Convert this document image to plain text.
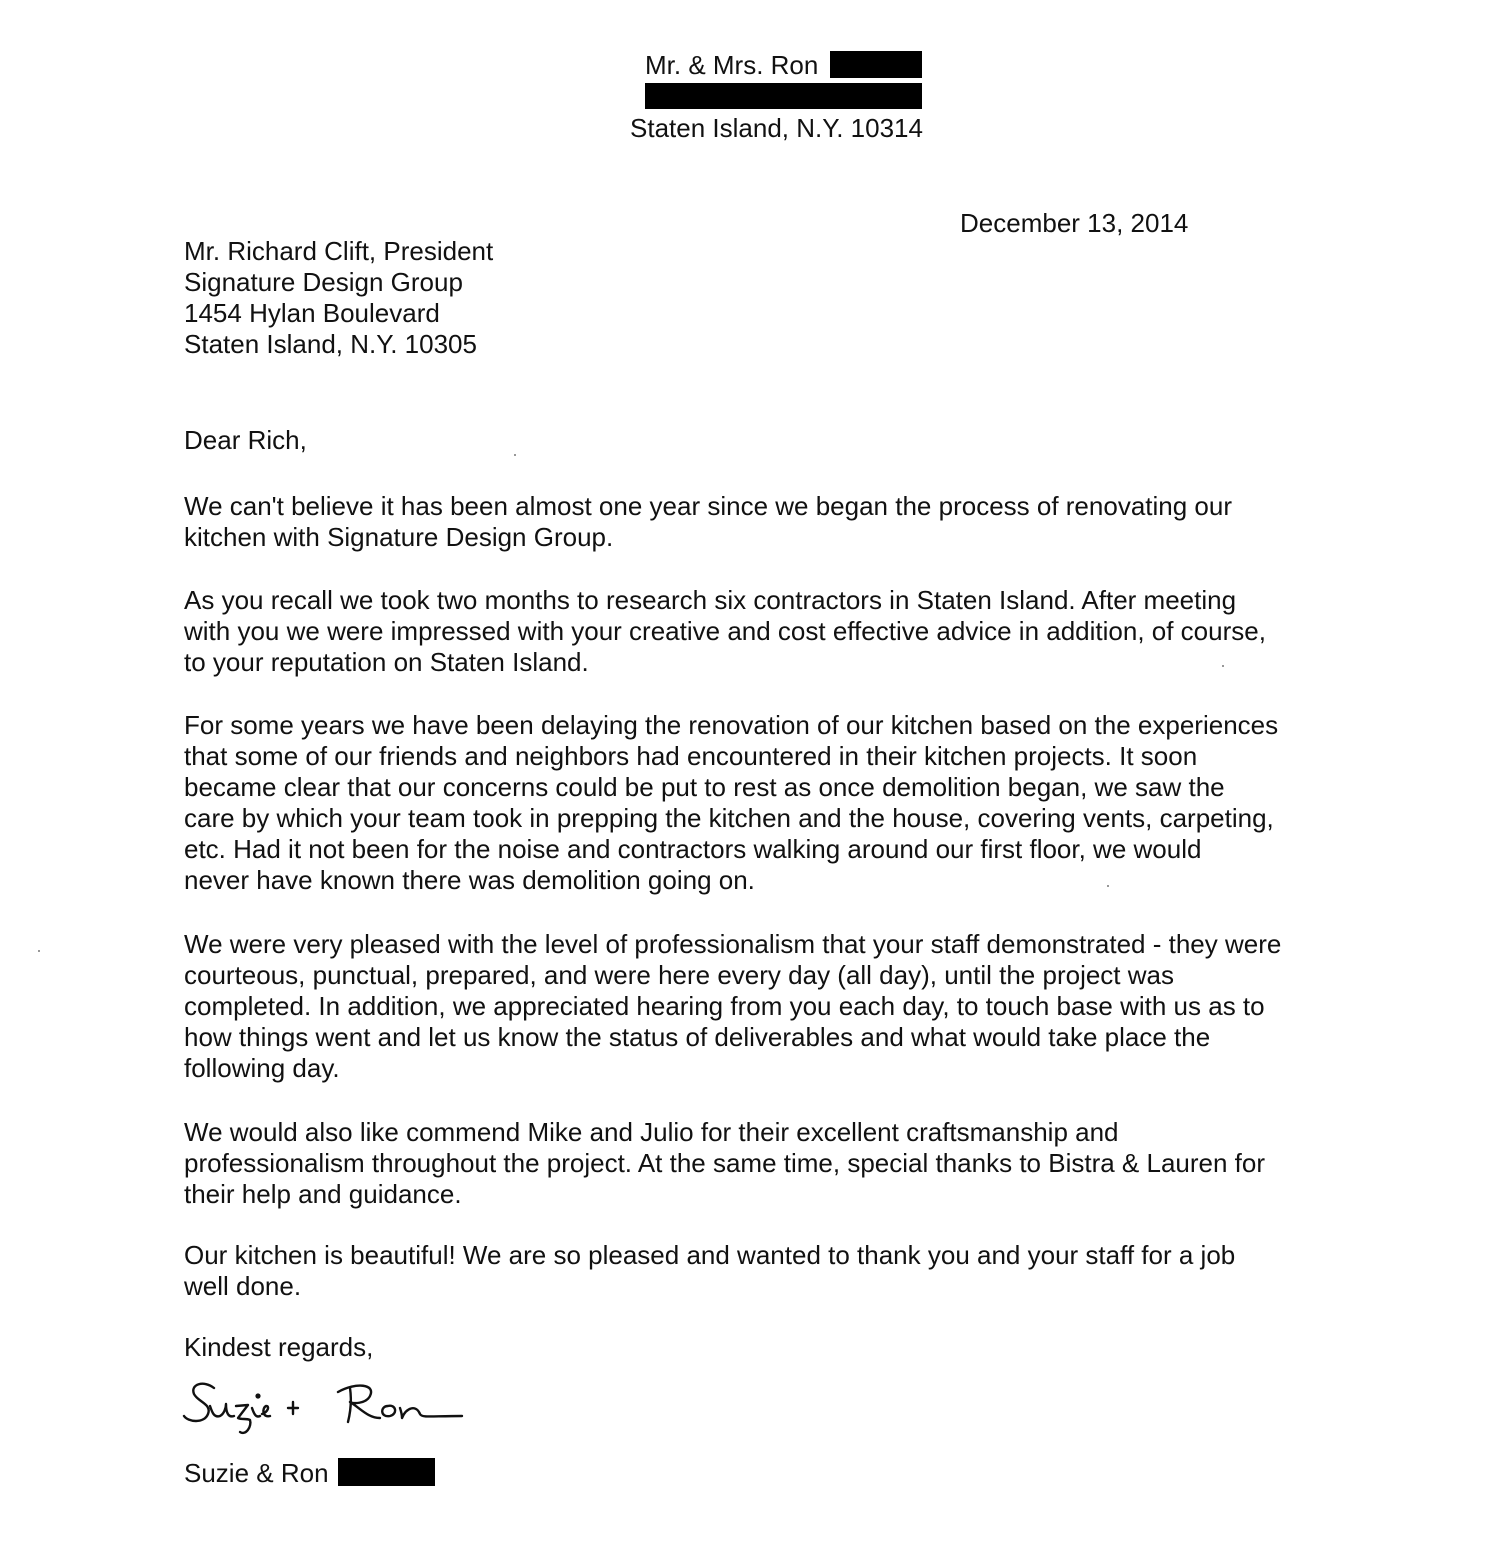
Mr. & Mrs. Ron
Staten Island, N.Y. 10314
December 13, 2014
Mr. Richard Clift, President
Signature Design Group
1454 Hylan Boulevard
Staten Island, N.Y. 10305
Dear Rich,
We can't believe it has been almost one year since we began the process of renovating our
kitchen with Signature Design Group.
As you recall we took two months to research six contractors in Staten Island. After meeting
with you we were impressed with your creative and cost effective advice in addition, of course,
to your reputation on Staten Island.
For some years we have been delaying the renovation of our kitchen based on the experiences
that some of our friends and neighbors had encountered in their kitchen projects. It soon
became clear that our concerns could be put to rest as once demolition began, we saw the
care by which your team took in prepping the kitchen and the house, covering vents, carpeting,
etc. Had it not been for the noise and contractors walking around our first floor, we would
never have known there was demolition going on.
We were very pleased with the level of professionalism that your staff demonstrated - they were
courteous, punctual, prepared, and were here every day (all day), until the project was
completed. In addition, we appreciated hearing from you each day, to touch base with us as to
how things went and let us know the status of deliverables and what would take place the
following day.
We would also like commend Mike and Julio for their excellent craftsmanship and
professionalism throughout the project. At the same time, special thanks to Bistra & Lauren for
their help and guidance.
Our kitchen is beautiful! We are so pleased and wanted to thank you and your staff for a job
well done.
Kindest regards,
Suzie & Ron
